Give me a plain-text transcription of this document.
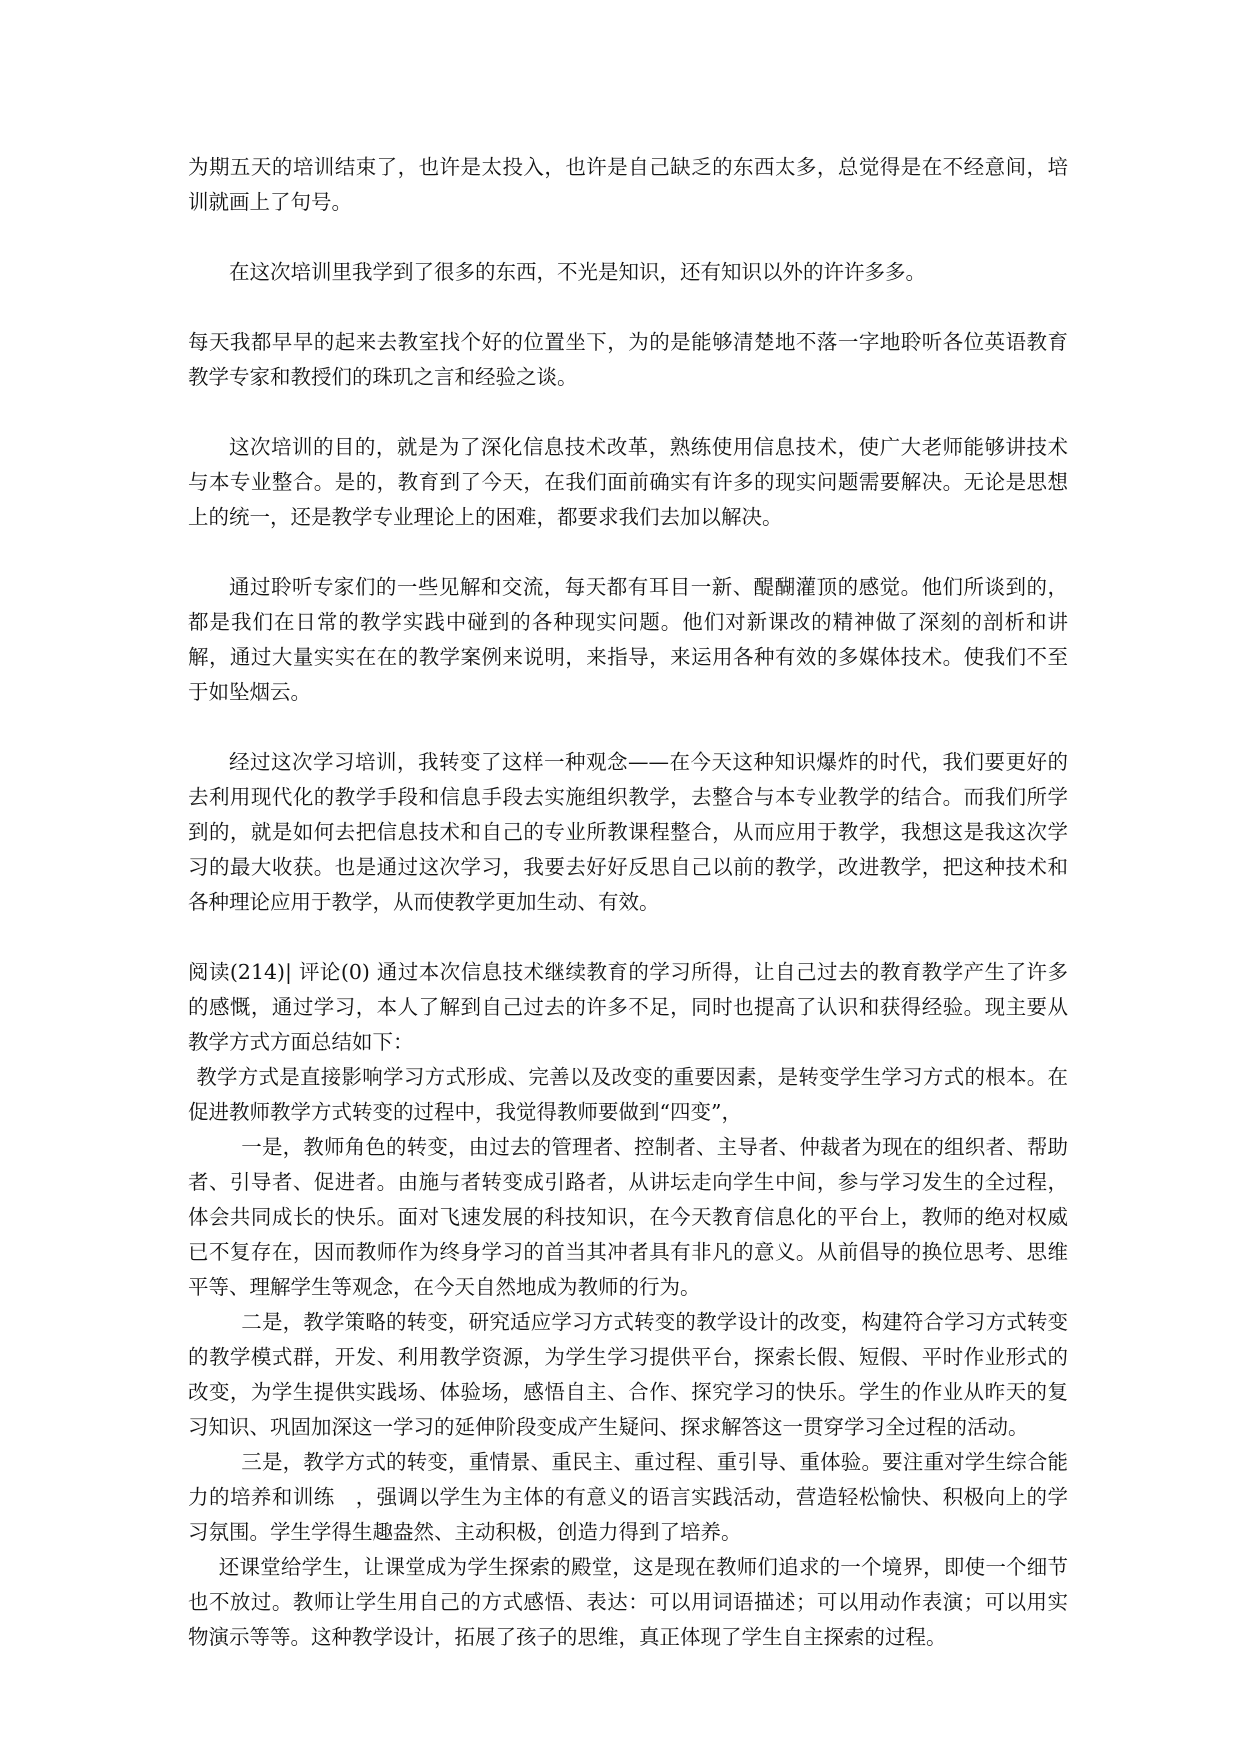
为期五天的培训结束了，也许是太投入，也许是自己缺乏的东西太多，总觉得是在不经意间，培训就画上了句号。

在这次培训里我学到了很多的东西，不光是知识，还有知识以外的许许多多。

每天我都早早的起来去教室找个好的位置坐下，为的是能够清楚地不落一字地聆听各位英语教育教学专家和教授们的珠玑之言和经验之谈。

这次培训的目的，就是为了深化信息技术改革，熟练使用信息技术，使广大老师能够讲技术与本专业整合。是的，教育到了今天，在我们面前确实有许多的现实问题需要解决。无论是思想上的统一，还是教学专业理论上的困难，都要求我们去加以解决。

通过聆听专家们的一些见解和交流，每天都有耳目一新、醍醐灌顶的感觉。他们所谈到的，都是我们在日常的教学实践中碰到的各种现实问题。他们对新课改的精神做了深刻的剖析和讲解，通过大量实实在在的教学案例来说明，来指导，来运用各种有效的多媒体技术。使我们不至于如坠烟云。

经过这次学习培训，我转变了这样一种观念——在今天这种知识爆炸的时代，我们要更好的去利用现代化的教学手段和信息手段去实施组织教学，去整合与本专业教学的结合。而我们所学到的，就是如何去把信息技术和自己的专业所教课程整合，从而应用于教学，我想这是我这次学习的最大收获。也是通过这次学习，我要去好好反思自己以前的教学，改进教学，把这种技术和各种理论应用于教学，从而使教学更加生动、有效。

阅读(214)| 评论(0) 通过本次信息技术继续教育的学习所得，让自己过去的教育教学产生了许多的感慨，通过学习，本人了解到自己过去的许多不足，同时也提高了认识和获得经验。现主要从教学方式方面总结如下：

教学方式是直接影响学习方式形成、完善以及改变的重要因素，是转变学生学习方式的根本。在促进教师教学方式转变的过程中，我觉得教师要做到“四变”，

一是，教师角色的转变，由过去的管理者、控制者、主导者、仲裁者为现在的组织者、帮助者、引导者、促进者。由施与者转变成引路者，从讲坛走向学生中间，参与学习发生的全过程，体会共同成长的快乐。面对飞速发展的科技知识，在今天教育信息化的平台上，教师的绝对权威已不复存在，因而教师作为终身学习的首当其冲者具有非凡的意义。从前倡导的换位思考、思维平等、理解学生等观念，在今天自然地成为教师的行为。

二是，教学策略的转变，研究适应学习方式转变的教学设计的改变，构建符合学习方式转变的教学模式群，开发、利用教学资源，为学生学习提供平台，探索长假、短假、平时作业形式的改变，为学生提供实践场、体验场，感悟自主、合作、探究学习的快乐。学生的作业从昨天的复习知识、巩固加深这一学习的延伸阶段变成产生疑问、探求解答这一贯穿学习全过程的活动。

三是，教学方式的转变，重情景、重民主、重过程、重引导、重体验。要注重对学生综合能力的培养和训练　，强调以学生为主体的有意义的语言实践活动，营造轻松愉快、积极向上的学习氛围。学生学得生趣盎然、主动积极，创造力得到了培养。

还课堂给学生，让课堂成为学生探索的殿堂，这是现在教师们追求的一个境界，即使一个细节也不放过。教师让学生用自己的方式感悟、表达：可以用词语描述；可以用动作表演；可以用实物演示等等。这种教学设计，拓展了孩子的思维，真正体现了学生自主探索的过程。
